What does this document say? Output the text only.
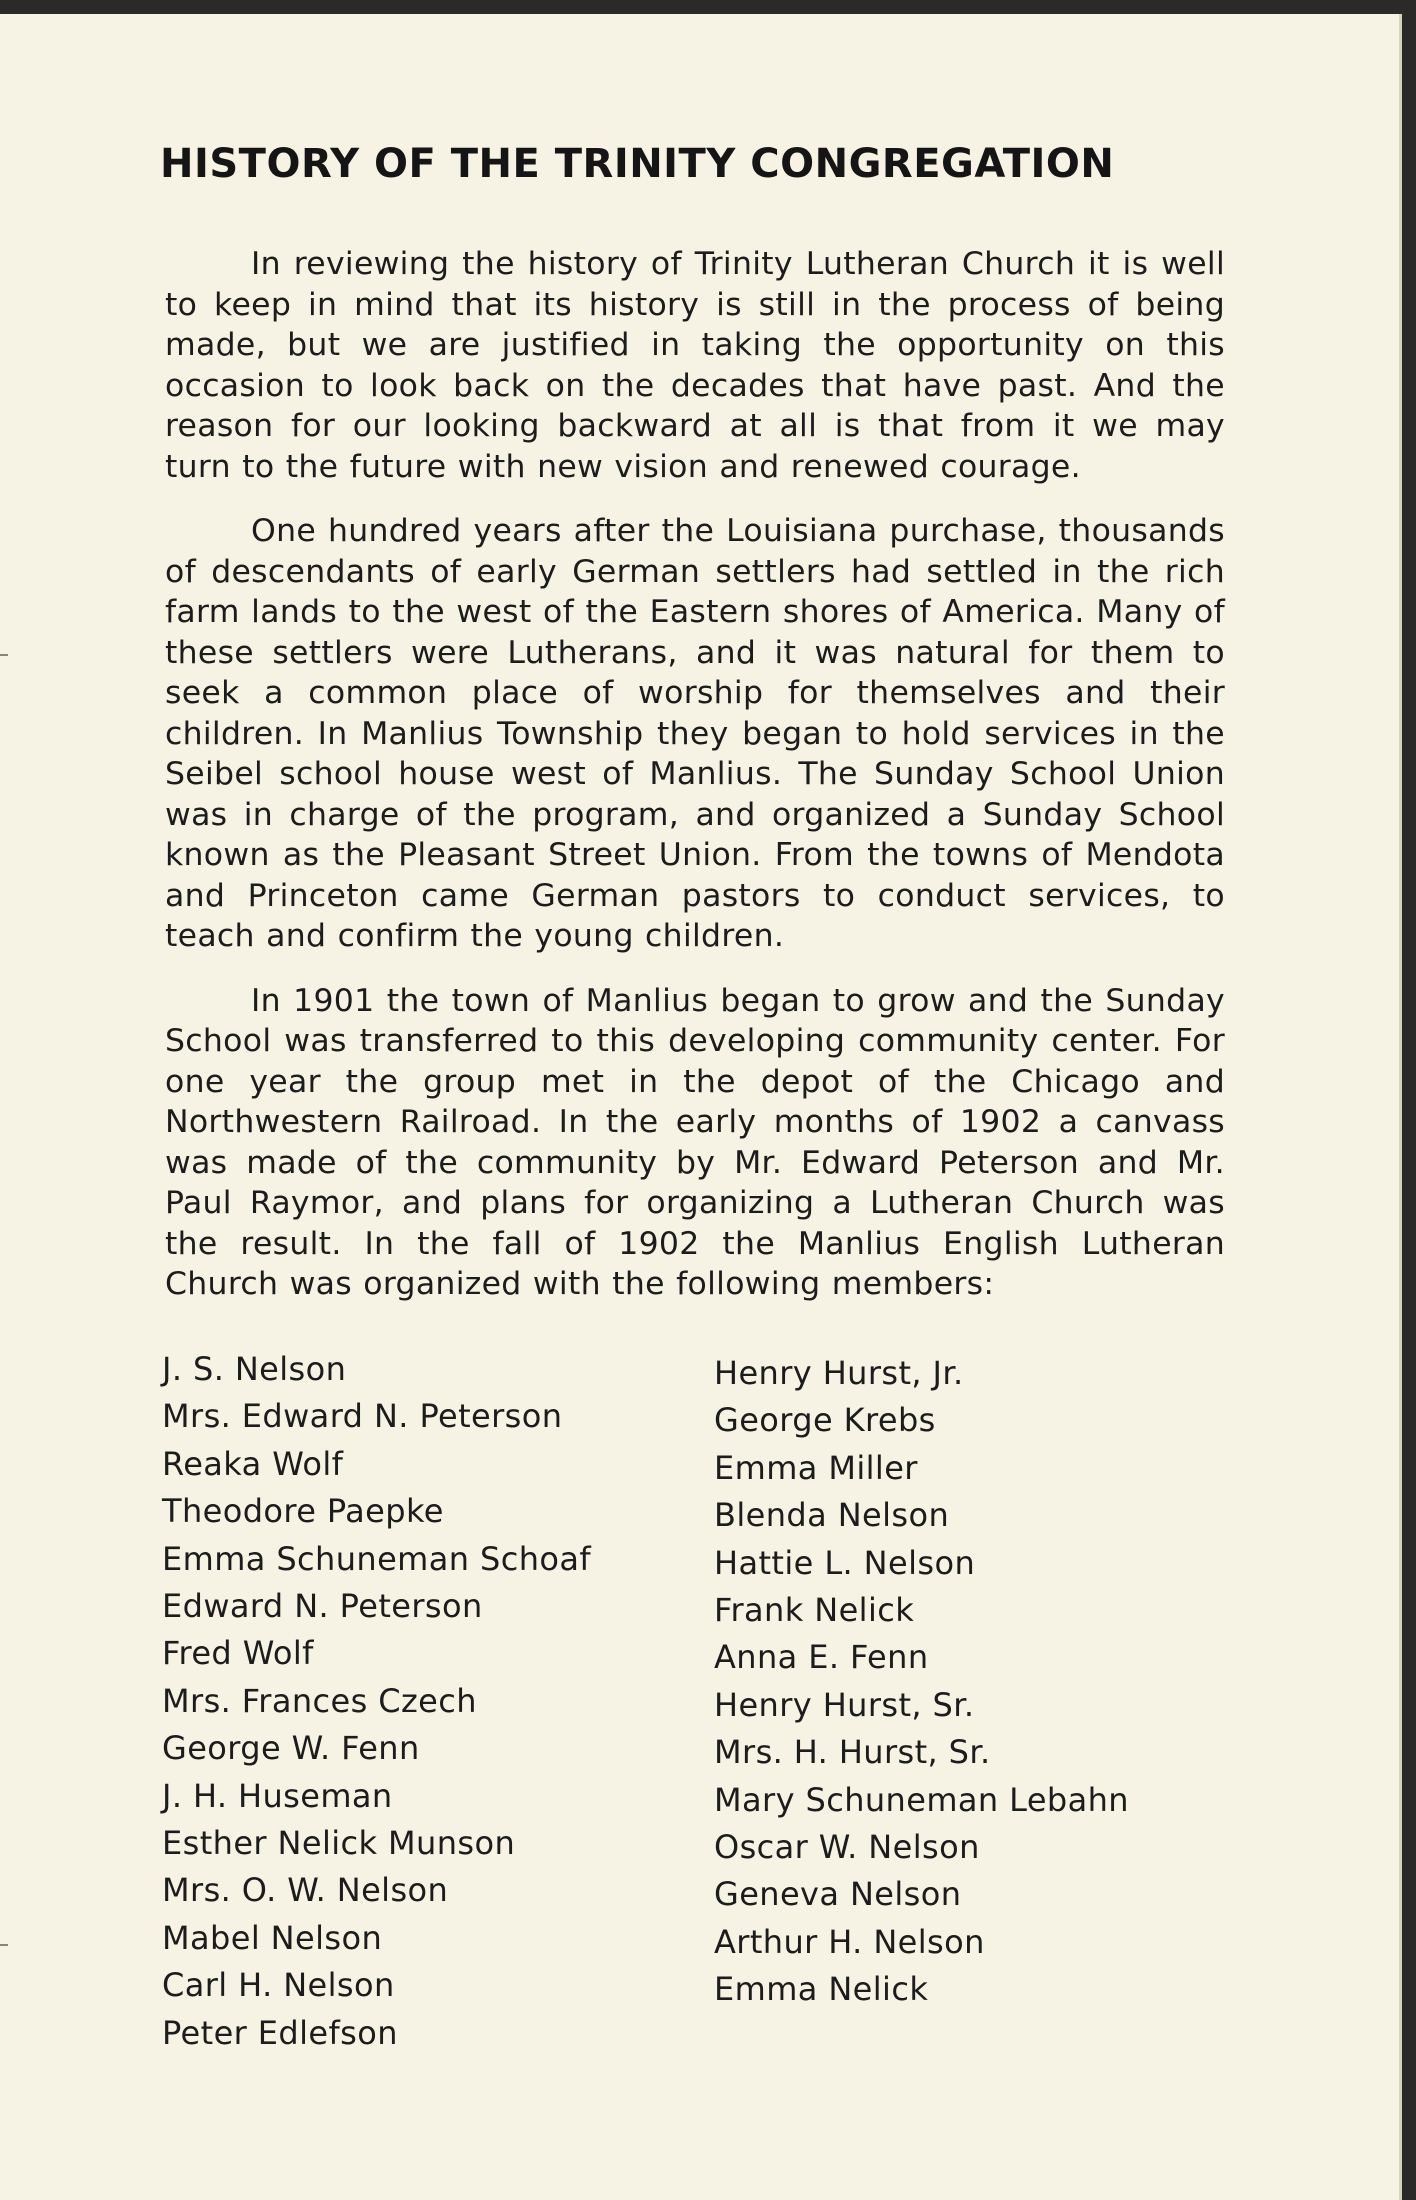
HISTORY OF THE TRINITY CONGREGATION

In reviewing the history of Trinity Lutheran Church it is well to keep in mind that its history is still in the process of being made, but we are justified in taking the opportunity on this occasion to look back on the decades that have past. And the reason for our looking backward at all is that from it we may turn to the future with new vision and renewed courage.

One hundred years after the Louisiana purchase, thousands of descendants of early German settlers had settled in the rich farm lands to the west of the Eastern shores of America. Many of these settlers were Lutherans, and it was natural for them to seek a common place of worship for themselves and their children. In Manlius Township they began to hold services in the Seibel school house west of Manlius. The Sunday School Union was in charge of the program, and organized a Sunday School known as the Pleasant Street Union. From the towns of Mendota and Princeton came German pastors to conduct services, to teach and confirm the young children.

In 1901 the town of Manlius began to grow and the Sunday School was transferred to this developing community center. For one year the group met in the depot of the Chicago and Northwestern Railroad. In the early months of 1902 a canvass was made of the community by Mr. Edward Peterson and Mr. Paul Raymor, and plans for organizing a Lutheran Church was the result. In the fall of 1902 the Manlius English Lutheran Church was organized with the following members:

J. S. Nelson
Mrs. Edward N. Peterson
Reaka Wolf
Theodore Paepke
Emma Schuneman Schoaf
Edward N. Peterson
Fred Wolf
Mrs. Frances Czech
George W. Fenn
J. H. Huseman
Esther Nelick Munson
Mrs. O. W. Nelson
Mabel Nelson
Carl H. Nelson
Peter Edlefson
Henry Hurst, Jr.
George Krebs
Emma Miller
Blenda Nelson
Hattie L. Nelson
Frank Nelick
Anna E. Fenn
Henry Hurst, Sr.
Mrs. H. Hurst, Sr.
Mary Schuneman Lebahn
Oscar W. Nelson
Geneva Nelson
Arthur H. Nelson
Emma Nelick
